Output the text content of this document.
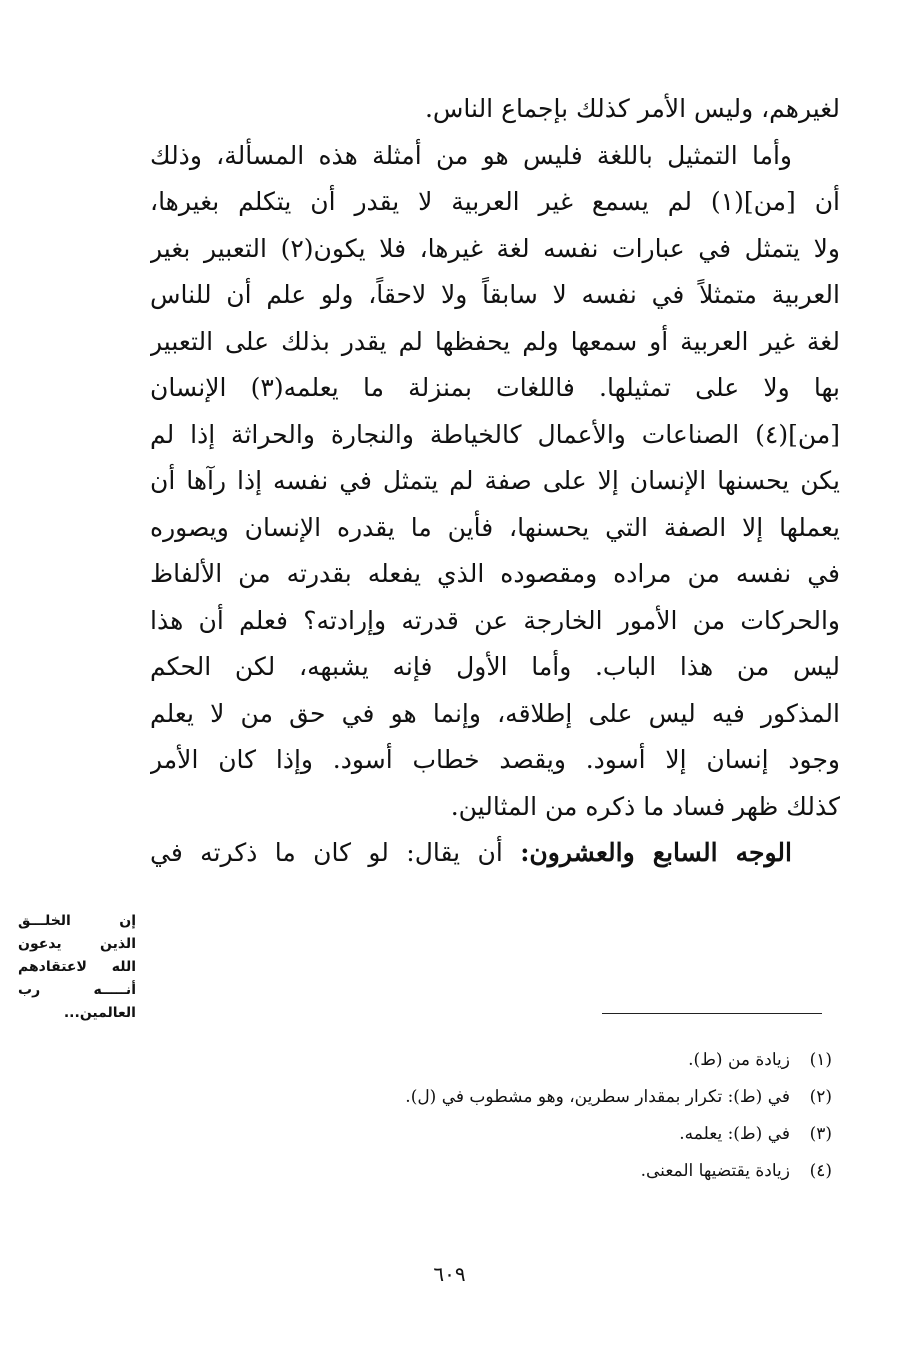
لغيرهم، وليس الأمر كذلك بإجماع الناس.
وأما التمثيل باللغة فليس هو من أمثلة هذه المسألة، وذلك
أن [من](١) لم يسمع غير العربية لا يقدر أن يتكلم بغيرها،
ولا يتمثل في عبارات نفسه لغة غيرها، فلا يكون(٢) التعبير بغير
العربية متمثلاً في نفسه لا سابقاً ولا لاحقاً، ولو علم أن للناس
لغة غير العربية أو سمعها ولم يحفظها لم يقدر بذلك على التعبير
بها ولا على تمثيلها. فاللغات بمنزلة ما يعلمه(٣) الإنسان
[من](٤) الصناعات والأعمال كالخياطة والنجارة والحراثة إذا لم
يكن يحسنها الإنسان إلا على صفة لم يتمثل في نفسه إذا رآها أن
يعملها إلا الصفة التي يحسنها، فأين ما يقدره الإنسان ويصوره
في نفسه من مراده ومقصوده الذي يفعله بقدرته من الألفاظ
والحركات من الأمور الخارجة عن قدرته وإرادته؟ فعلم أن هذا
ليس من هذا الباب. وأما الأول فإنه يشبهه، لكن الحكم
المذكور فيه ليس على إطلاقه، وإنما هو في حق من لا يعلم
وجود إنسان إلا أسود. ويقصد خطاب أسود. وإذا كان الأمر
كذلك ظهر فساد ما ذكره من المثالين.
الوجه السابع والعشرون: أن يقال: لو كان ما ذكرته في
إن الخلـــق
الذين يدعون
الله لاعتقادهم
أنـــــه رب
العالمين...
(١)زيادة من (ط).
(٢)في (ط): تكرار بمقدار سطرين، وهو مشطوب في (ل).
(٣)في (ط): يعلمه.
(٤)زيادة يقتضيها المعنى.
٦٠٩
